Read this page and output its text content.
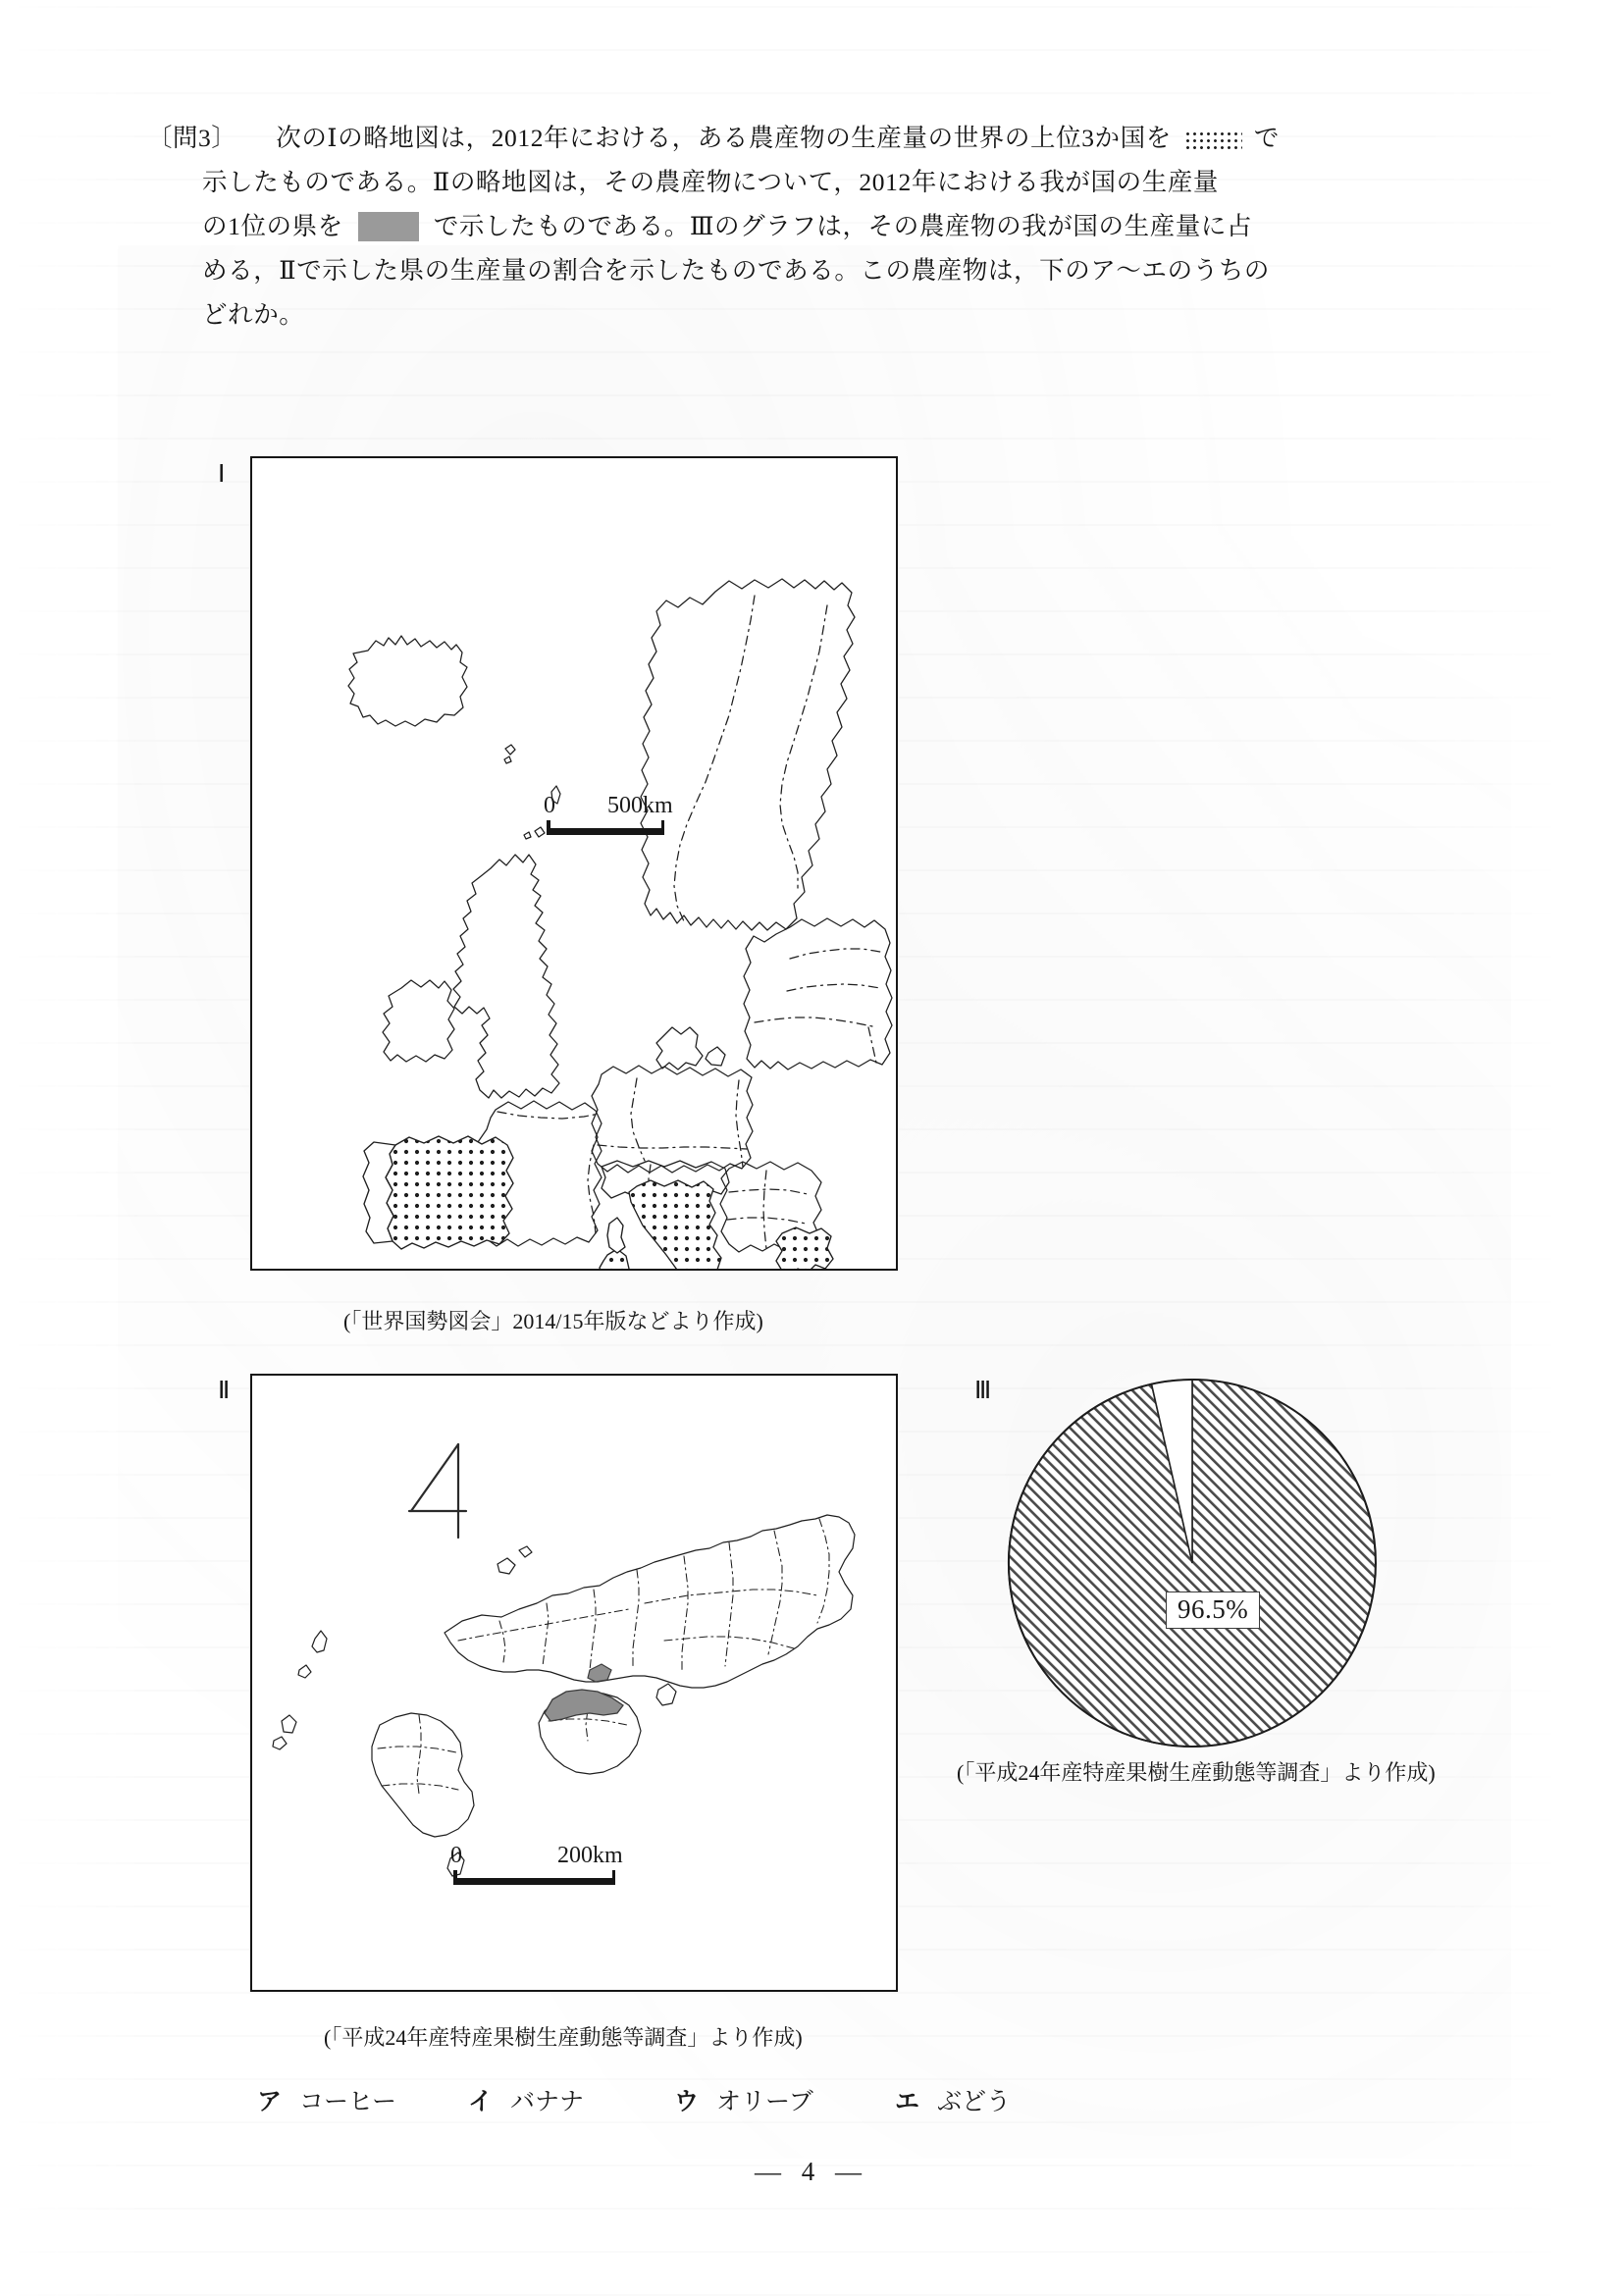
〔問3〕 次のⅠの略地図は，2012年における，ある農産物の生産量の世界の上位3か国を	で
示したものである。Ⅱの略地図は，その農産物について，2012年における我が国の生産量
の1位の県を	で示したものである。Ⅲのグラフは，その農産物の我が国の生産量に占
める，Ⅱで示した県の生産量の割合を示したものである。この農産物は，下のア〜エのうちの
どれか。
Ⅰ
0 500km
(「世界国勢図会」2014/15年版などより作成)
Ⅱ
0	200km
(「平成24年産特産果樹生産動態等調査」より作成)
Ⅲ
96.5%
(「平成24年産特産果樹生産動態等調査」より作成)
ア コーヒー	イ バナナ	ウ オリーブ	エ ぶどう
— 4 —
